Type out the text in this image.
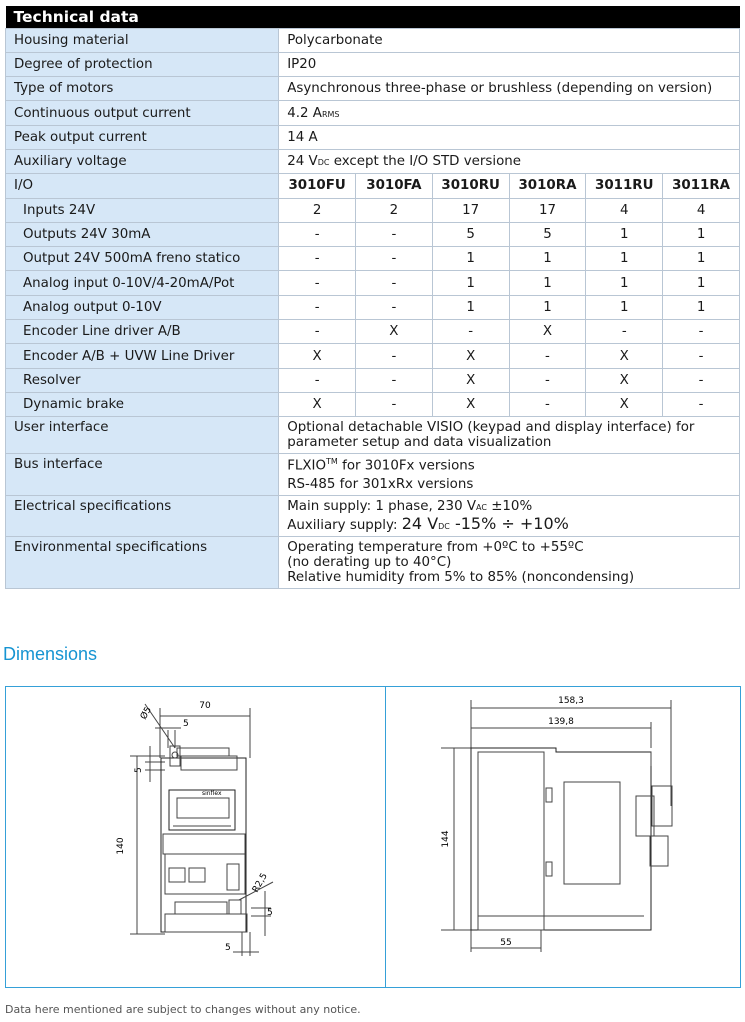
Technical data						
Housing material	Polycarbonate					
Degree of protection	IP20					
Type of motors	Asynchronous three-phase or brushless (depending on version)					
Continuous output current	4.2 ARMS					
Peak output current	14 A					
Auxiliary voltage	24 VDC except the I/O STD versione					
I/O	3010FU	3010FA	3010RU	3010RA	3011RU	3011RA
Inputs 24V	2	2	17	17	4	4
Outputs 24V 30mA	-	-	5	5	1	1
Output 24V 500mA freno statico	-	-	1	1	1	1
Analog input 0-10V/4-20mA/Pot	-	-	1	1	1	1
Analog output 0-10V	-	-	1	1	1	1
Encoder Line driver A/B	-	X	-	X	-	-
Encoder A/B + UVW Line Driver	X	-	X	-	X	-
Resolver	-	-	X	-	X	-
Dynamic brake	X	-	X	-	X	-
User interface	Optional detachable VISIO (keypad and display interface) for
parameter setup and data visualization					

Bus interface	FLXIO™ for 3010Fx versions
RS-485 for 301xRx versions					

Electrical specifications	Main supply: 1 phase, 230 VAC ±10%
Auxiliary supply: 24 VDC -15% ÷ +10%					

Environmental specifications	Operating temperature from +0ºC to +55ºC
(no derating up to 40°C)
Relative humidity from 5% to 85% (noncondensing)					
Dimensions
70
Ø5
5
5
140
R2,5
5
5
sinflex
158,3
139,8
144
55
Data here mentioned are subject to changes without any notice.
